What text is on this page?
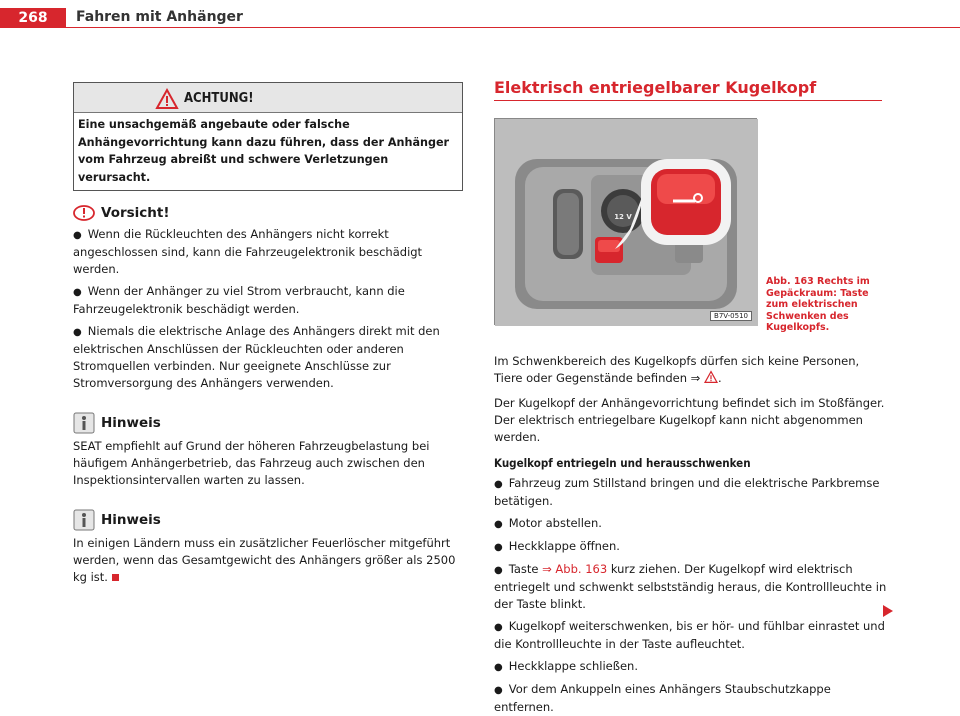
268	Fahren mit Anhänger
ACHTUNG!
Eine unsachgemäß angebaute oder falsche Anhängevorrichtung kann dazu führen, dass der Anhänger vom Fahrzeug abreißt und schwere Verletzungen verursacht.
Vorsicht!
● Wenn die Rückleuchten des Anhängers nicht korrekt angeschlossen sind, kann die Fahrzeugelektronik beschädigt werden.
● Wenn der Anhänger zu viel Strom verbraucht, kann die Fahrzeugelektronik beschädigt werden.
● Niemals die elektrische Anlage des Anhängers direkt mit den elektrischen Anschlüssen der Rückleuchten oder anderen Stromquellen verbinden. Nur geeignete Anschlüsse zur Stromversorgung des Anhängers verwenden.
Hinweis
SEAT empfiehlt auf Grund der höheren Fahrzeugbelastung bei häufigem Anhängerbetrieb, das Fahrzeug auch zwischen den Inspektionsintervallen warten zu lassen.
Hinweis
In einigen Ländern muss ein zusätzlicher Feuerlöscher mitgeführt werden, wenn das Gesamtgewicht des Anhängers größer als 2500 kg ist.
Elektrisch entriegelbarer Kugelkopf
12 V
B7V-0510
Abb. 163 Rechts im Gepäckraum: Taste zum elektrischen Schwenken des Kugelkopfs.
Im Schwenkbereich des Kugelkopfs dürfen sich keine Personen, Tiere oder Gegenstände befinden ⇒ .
Der Kugelkopf der Anhängevorrichtung befindet sich im Stoßfänger. Der elektrisch entriegelbare Kugelkopf kann nicht abgenommen werden.
Kugelkopf entriegeln und herausschwenken
● Fahrzeug zum Stillstand bringen und die elektrische Parkbremse betätigen.
● Motor abstellen.
● Heckklappe öffnen.
● Taste ⇒ Abb. 163 kurz ziehen. Der Kugelkopf wird elektrisch entriegelt und schwenkt selbstständig heraus, die Kontrollleuchte in der Taste blinkt.
● Kugelkopf weiterschwenken, bis er hör- und fühlbar einrastet und die Kontrollleuchte in der Taste aufleuchtet.
● Heckklappe schließen.
● Vor dem Ankuppeln eines Anhängers Staubschutzkappe entfernen.
